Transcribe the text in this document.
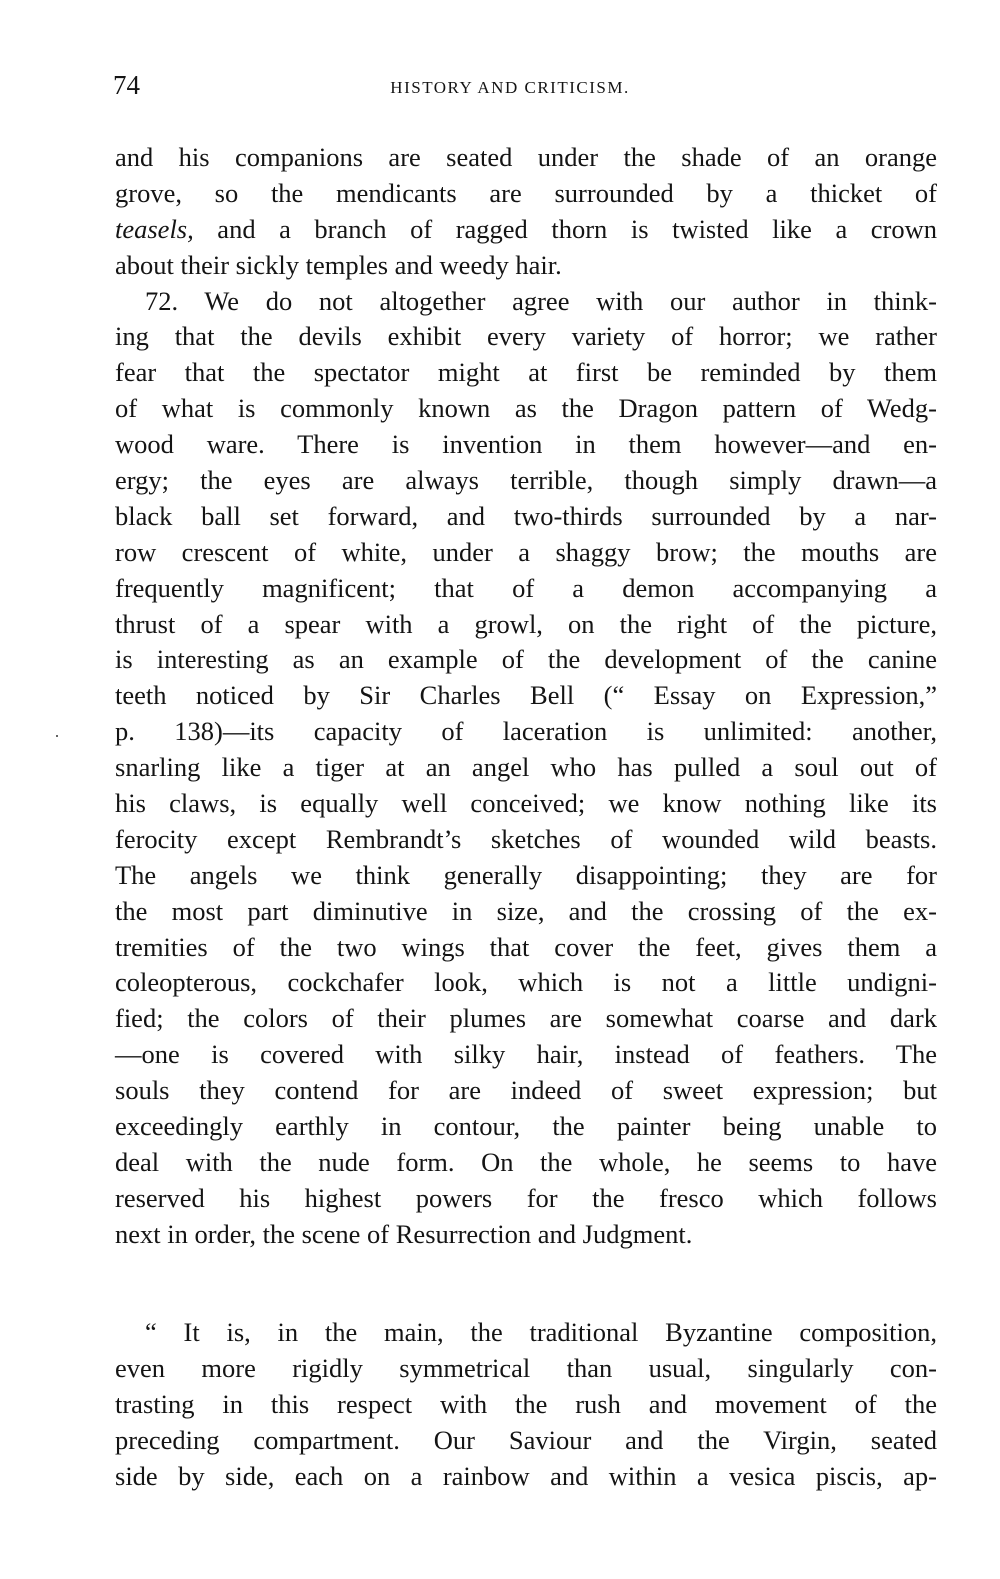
74	HISTORY AND CRITICISM.
and his companions are seated under the shade of an orange
grove, so the mendicants are surrounded by a thicket of
teasels, and a branch of ragged thorn is twisted like a crown
about their sickly temples and weedy hair.
72. We do not altogether agree with our author in think-
ing that the devils exhibit every variety of horror; we rather
fear that the spectator might at first be reminded by them
of what is commonly known as the Dragon pattern of Wedg-
wood ware. There is invention in them however—and en-
ergy; the eyes are always terrible, though simply drawn—a
black ball set forward, and two-thirds surrounded by a nar-
row crescent of white, under a shaggy brow; the mouths are
frequently magnificent; that of a demon accompanying a
thrust of a spear with a growl, on the right of the picture,
is interesting as an example of the development of the canine
teeth noticed by Sir Charles Bell (“ Essay on Expression,”
p. 138)—its capacity of laceration is unlimited: another,
snarling like a tiger at an angel who has pulled a soul out of
his claws, is equally well conceived; we know nothing like its
ferocity except Rembrandt’s sketches of wounded wild beasts.
The angels we think generally disappointing; they are for
the most part diminutive in size, and the crossing of the ex-
tremities of the two wings that cover the feet, gives them a
coleopterous, cockchafer look, which is not a little undigni-
fied; the colors of their plumes are somewhat coarse and dark
—one is covered with silky hair, instead of feathers. The
souls they contend for are indeed of sweet expression; but
exceedingly earthly in contour, the painter being unable to
deal with the nude form. On the whole, he seems to have
reserved his highest powers for the fresco which follows
next in order, the scene of Resurrection and Judgment.
“ It is, in the main, the traditional Byzantine composition,
even more rigidly symmetrical than usual, singularly con-
trasting in this respect with the rush and movement of the
preceding compartment. Our Saviour and the Virgin, seated
side by side, each on a rainbow and within a vesica piscis, ap-
